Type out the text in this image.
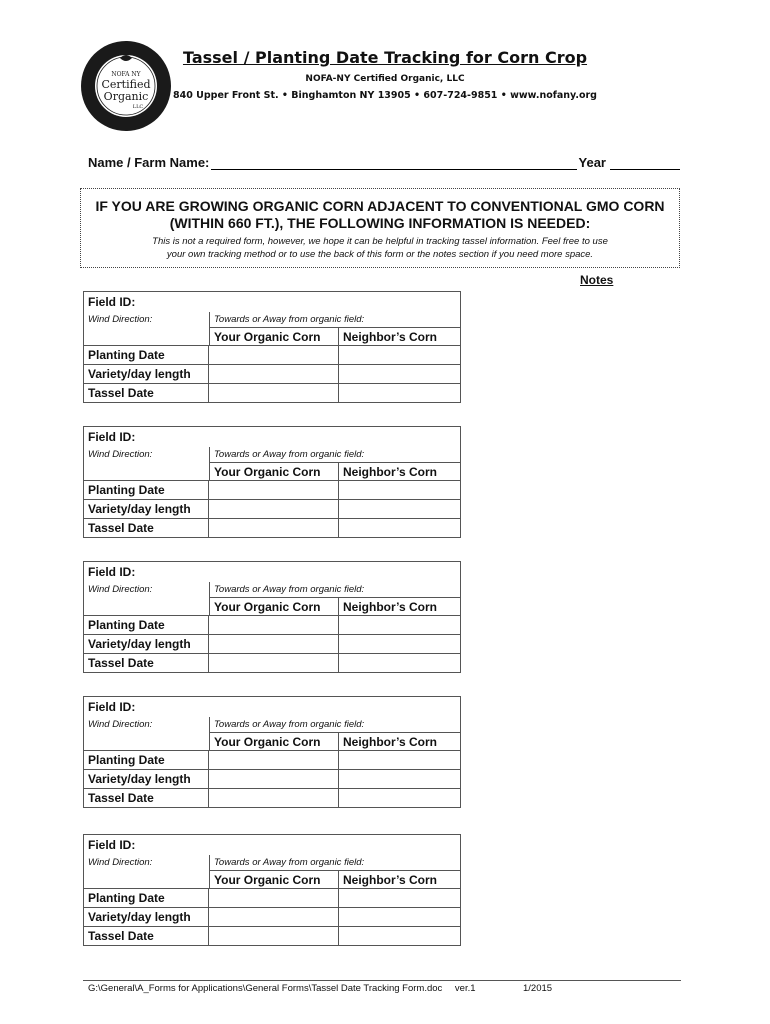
NOFA NY
Certified
Organic
LLC
Tassel / Planting Date Tracking for Corn Crop
NOFA-NY Certified Organic, LLC
840 Upper Front St. • Binghamton NY 13905 • 607-724-9851 • www.nofany.org
Name / Farm Name:	Year
IF YOU ARE GROWING ORGANIC CORN ADJACENT TO CONVENTIONAL GMO CORN
(WITHIN 660 FT.), THE FOLLOWING INFORMATION IS NEEDED:
This is not a required form, however, we hope it can be helpful in tracking tassel information. Feel free to use
your own tracking method or to use the back of this form or the notes section if you need more space.
Notes
Field ID:
Wind Direction:	Towards or Away from organic field:
Your Organic Corn	Neighbor’s Corn
Planting Date
Variety/day length
Tassel Date
Field ID:
Wind Direction:	Towards or Away from organic field:
Your Organic Corn	Neighbor’s Corn
Planting Date
Variety/day length
Tassel Date
Field ID:
Wind Direction:	Towards or Away from organic field:
Your Organic Corn	Neighbor’s Corn
Planting Date
Variety/day length
Tassel Date
Field ID:
Wind Direction:	Towards or Away from organic field:
Your Organic Corn	Neighbor’s Corn
Planting Date
Variety/day length
Tassel Date
Field ID:
Wind Direction:	Towards or Away from organic field:
Your Organic Corn	Neighbor’s Corn
Planting Date
Variety/day length
Tassel Date
G:\General\A_Forms for Applications\General Forms\Tassel Date Tracking Form.doc ver.1	1/2015
